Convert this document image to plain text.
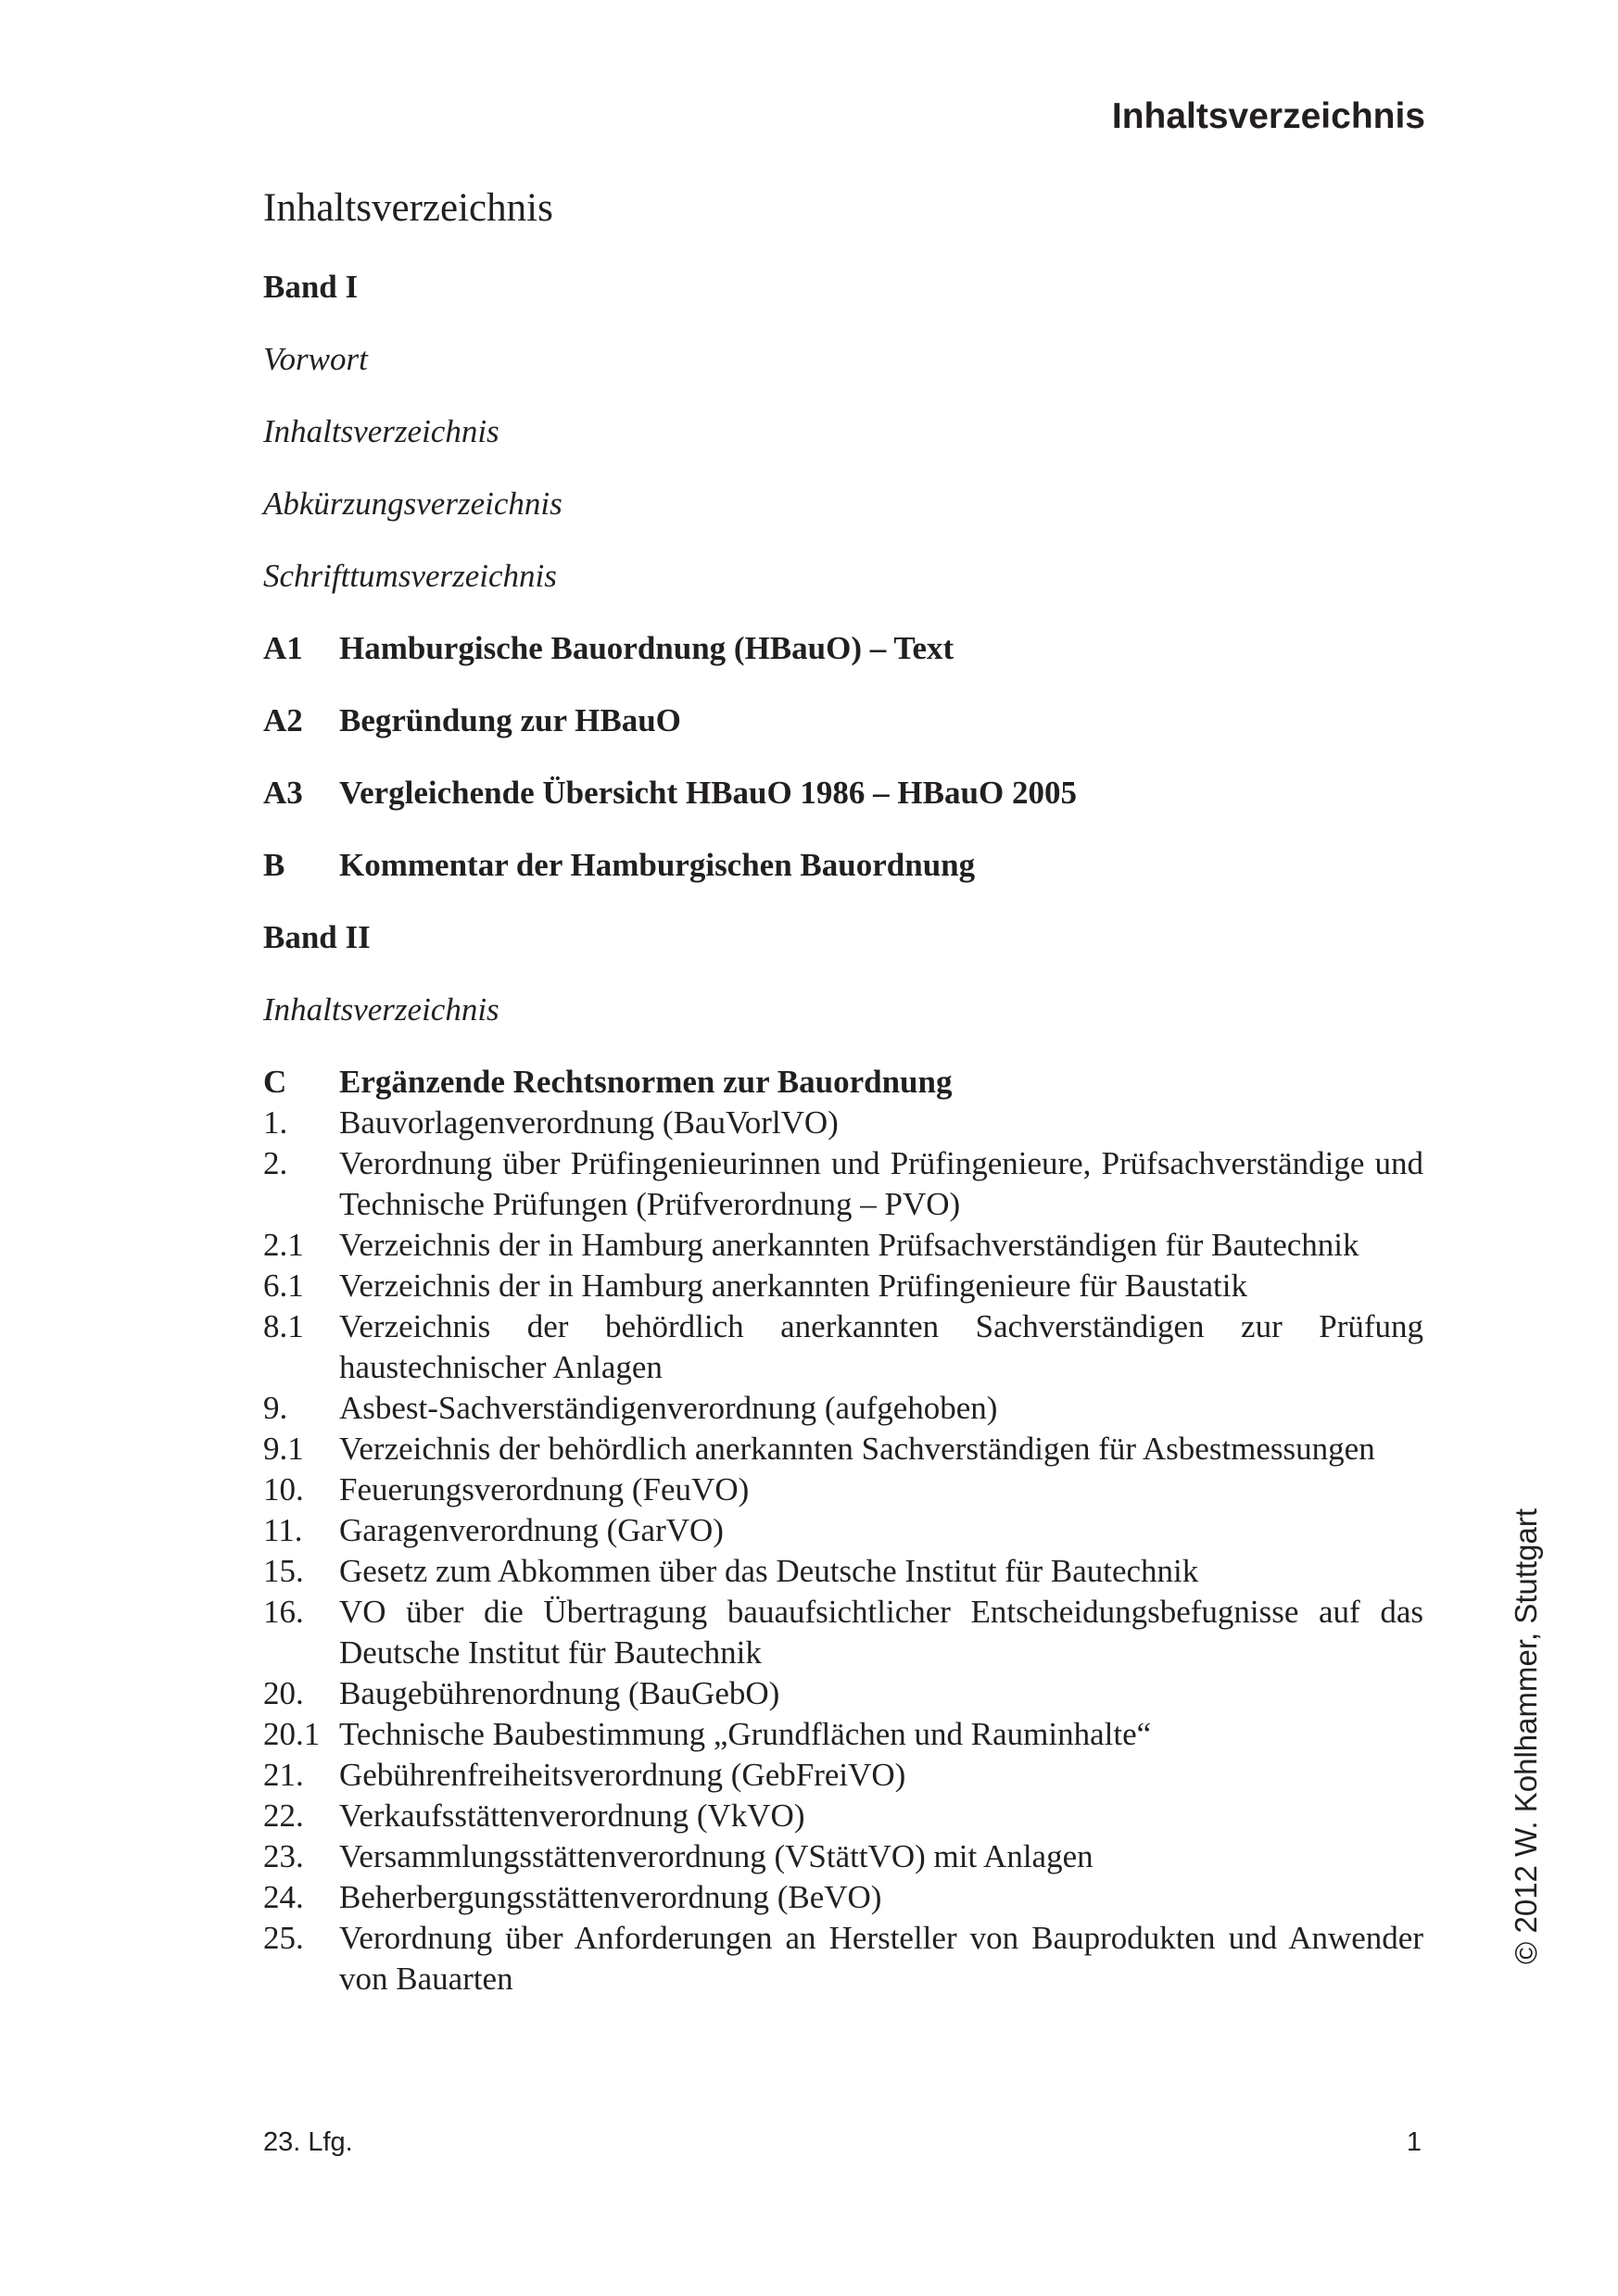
Inhaltsverzeichnis
Inhaltsverzeichnis

Band I

Vorwort

Inhaltsverzeichnis

Abkürzungsverzeichnis

Schrifttumsverzeichnis

A1	Hamburgische Bauordnung (HBauO) – Text
A2	Begründung zur HBauO
A3	Vergleichende Übersicht HBauO 1986 – HBauO 2005
B	Kommentar der Hamburgischen Bauordnung

Band II

Inhaltsverzeichnis

C	Ergänzende Rechtsnormen zur Bauordnung
1.	Bauvorlagenverordnung (BauVorlVO)
2.	Verordnung über Prüfingenieurinnen und Prüfingenieure, Prüfsachverständige und Technische Prüfungen (Prüfverordnung – PVO)
2.1	Verzeichnis der in Hamburg anerkannten Prüfsachverständigen für Bautechnik
6.1	Verzeichnis der in Hamburg anerkannten Prüfingenieure für Baustatik
8.1	Verzeichnis der behördlich anerkannten Sachverständigen zur Prüfung haustechnischer Anlagen
9.	Asbest-Sachverständigenverordnung (aufgehoben)
9.1	Verzeichnis der behördlich anerkannten Sachverständigen für Asbestmessungen
10.	Feuerungsverordnung (FeuVO)
11.	Garagenverordnung (GarVO)
15.	Gesetz zum Abkommen über das Deutsche Institut für Bautechnik
16.	VO über die Übertragung bauaufsichtlicher Entscheidungsbefugnisse auf das Deutsche Institut für Bautechnik
20.	Baugebührenordnung (BauGebO)
20.1 Technische Baubestimmung „Grundflächen und Rauminhalte“
21.	Gebührenfreiheitsverordnung (GebFreiVO)
22.	Verkaufsstättenverordnung (VkVO)
23.	Versammlungsstättenverordnung (VStättVO) mit Anlagen
24.	Beherbergungsstättenverordnung (BeVO)
25.	Verordnung über Anforderungen an Hersteller von Bauprodukten und Anwender von Bauarten
23. Lfg.	1
© 2012 W. Kohlhammer, Stuttgart
